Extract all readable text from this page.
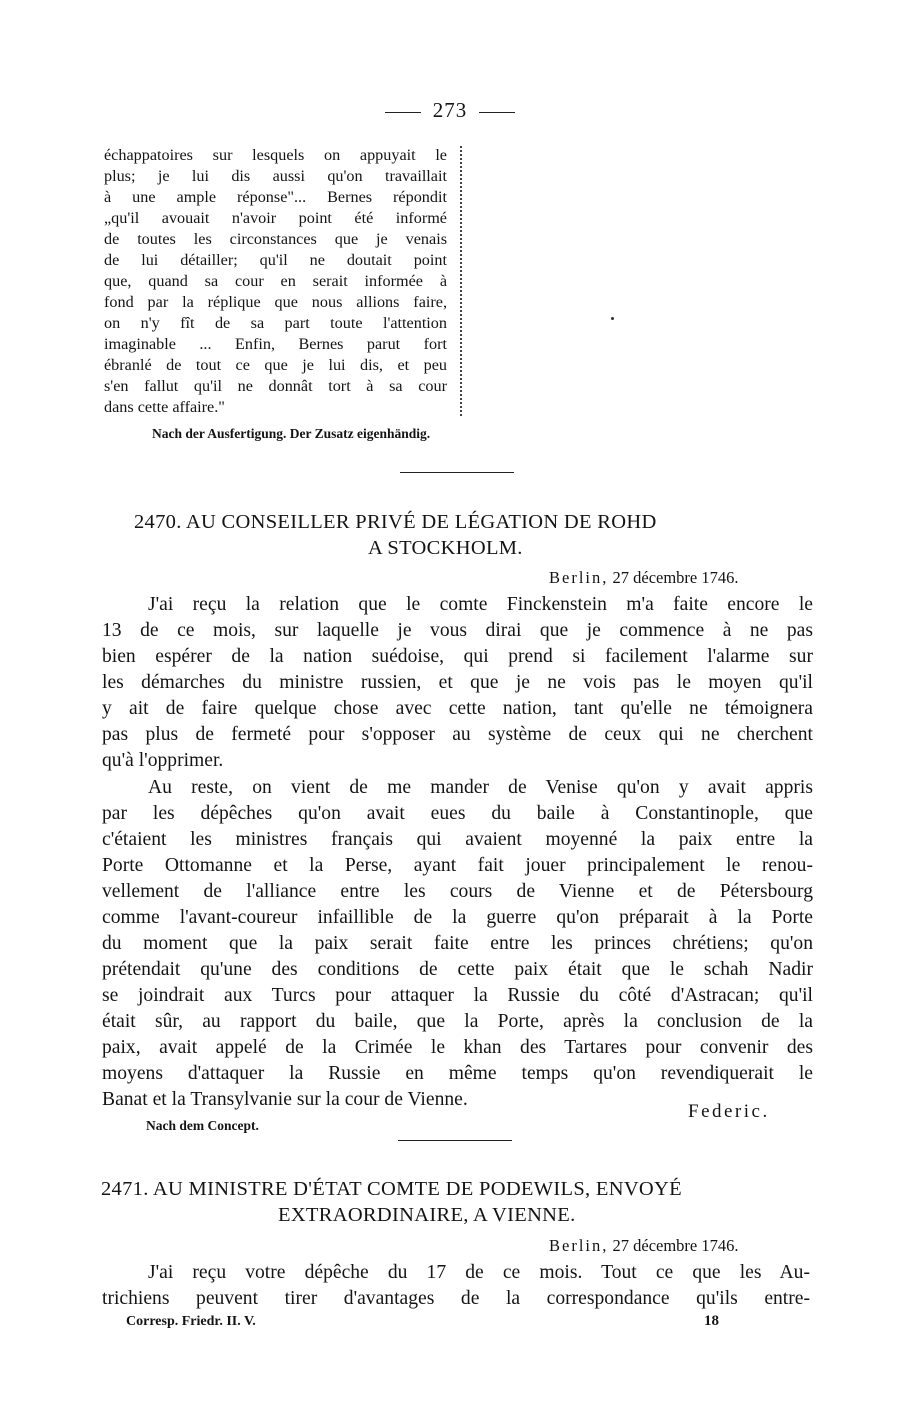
273
échappatoires sur lesquels on appuyait le
plus; je lui dis aussi qu'on travaillait
à une ample réponse"... Bernes répondit
„qu'il avouait n'avoir point été informé
de toutes les circonstances que je venais
de lui détailler; qu'il ne doutait point
que, quand sa cour en serait informée à
fond par la réplique que nous allions faire,
on n'y fît de sa part toute l'attention
imaginable ... Enfin, Bernes parut fort
ébranlé de tout ce que je lui dis, et peu
s'en fallut qu'il ne donnât tort à sa cour
dans cette affaire."
Nach der Ausfertigung. Der Zusatz eigenhändig.
2470. AU CONSEILLER PRIVÉ DE LÉGATION DE ROHD
A STOCKHOLM.
Berlin, 27 décembre 1746.
J'ai reçu la relation que le comte Finckenstein m'a faite encore le
13 de ce mois, sur laquelle je vous dirai que je commence à ne pas
bien espérer de la nation suédoise, qui prend si facilement l'alarme sur
les démarches du ministre russien, et que je ne vois pas le moyen qu'il
y ait de faire quelque chose avec cette nation, tant qu'elle ne témoignera
pas plus de fermeté pour s'opposer au système de ceux qui ne cherchent
qu'à l'opprimer.
Au reste, on vient de me mander de Venise qu'on y avait appris
par les dépêches qu'on avait eues du baile à Constantinople, que
c'étaient les ministres français qui avaient moyenné la paix entre la
Porte Ottomanne et la Perse, ayant fait jouer principalement le renou-
vellement de l'alliance entre les cours de Vienne et de Pétersbourg
comme l'avant-coureur infaillible de la guerre qu'on préparait à la Porte
du moment que la paix serait faite entre les princes chrétiens; qu'on
prétendait qu'une des conditions de cette paix était que le schah Nadir
se joindrait aux Turcs pour attaquer la Russie du côté d'Astracan; qu'il
était sûr, au rapport du baile, que la Porte, après la conclusion de la
paix, avait appelé de la Crimée le khan des Tartares pour convenir des
moyens d'attaquer la Russie en même temps qu'on revendiquerait le
Banat et la Transylvanie sur la cour de Vienne.
Federic.
Nach dem Concept.
2471. AU MINISTRE D'ÉTAT COMTE DE PODEWILS, ENVOYÉ
EXTRAORDINAIRE, A VIENNE.
Berlin, 27 décembre 1746.
J'ai reçu votre dépêche du 17 de ce mois. Tout ce que les Au-
trichiens peuvent tirer d'avantages de la correspondance qu'ils entre-
Corresp. Friedr. II. V.	18
